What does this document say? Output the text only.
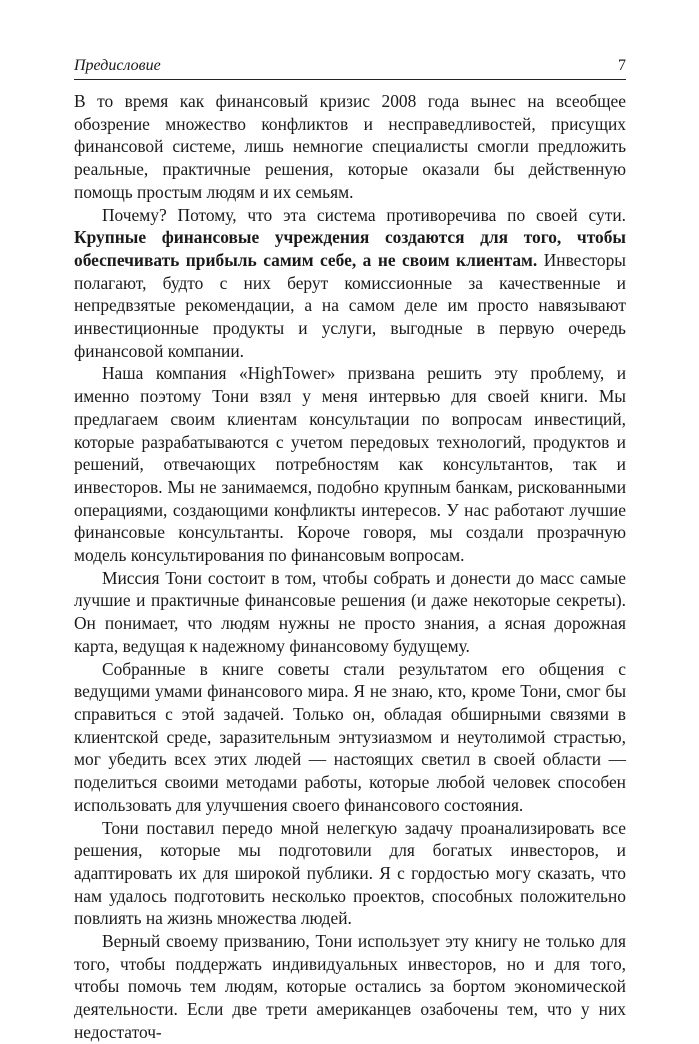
Предисловие	7

В то время как финансовый кризис 2008 года вынес на всеобщее обозрение множество конфликтов и несправедливостей, присущих финансовой системе, лишь немногие специалисты смогли предложить реальные, практичные решения, которые оказали бы действенную помощь простым людям и их семьям.

Почему? Потому, что эта система противоречива по своей сути. Крупные финансовые учреждения создаются для того, чтобы обеспечивать прибыль самим себе, а не своим клиентам. Инвесторы полагают, будто с них берут комиссионные за качественные и непредвзятые рекомендации, а на самом деле им просто навязывают инвестиционные продукты и услуги, выгодные в первую очередь финансовой компании.

Наша компания «HighTower» призвана решить эту проблему, и именно поэтому Тони взял у меня интервью для своей книги. Мы предлагаем своим клиентам консультации по вопросам инвестиций, которые разрабатываются с учетом передовых технологий, продуктов и решений, отвечающих потребностям как консультантов, так и инвесторов. Мы не занимаемся, подобно крупным банкам, рискованными операциями, создающими конфликты интересов. У нас работают лучшие финансовые консультанты. Короче говоря, мы создали прозрачную модель консультирования по финансовым вопросам.

Миссия Тони состоит в том, чтобы собрать и донести до масс самые лучшие и практичные финансовые решения (и даже некоторые секреты). Он понимает, что людям нужны не просто знания, а ясная дорожная карта, ведущая к надежному финансовому будущему.

Собранные в книге советы стали результатом его общения с ведущими умами финансового мира. Я не знаю, кто, кроме Тони, смог бы справиться с этой задачей. Только он, обладая обширными связями в клиентской среде, заразительным энтузиазмом и неутолимой страстью, мог убедить всех этих людей — настоящих светил в своей области — поделиться своими методами работы, которые любой человек способен использовать для улучшения своего финансового состояния.

Тони поставил передо мной нелегкую задачу проанализировать все решения, которые мы подготовили для богатых инвесторов, и адаптировать их для широкой публики. Я с гордостью могу сказать, что нам удалось подготовить несколько проектов, способных положительно повлиять на жизнь множества людей.

Верный своему призванию, Тони использует эту книгу не только для того, чтобы поддержать индивидуальных инвесторов, но и для того, чтобы помочь тем людям, которые остались за бортом экономической деятельности. Если две трети американцев озабочены тем, что у них недостаточ-
